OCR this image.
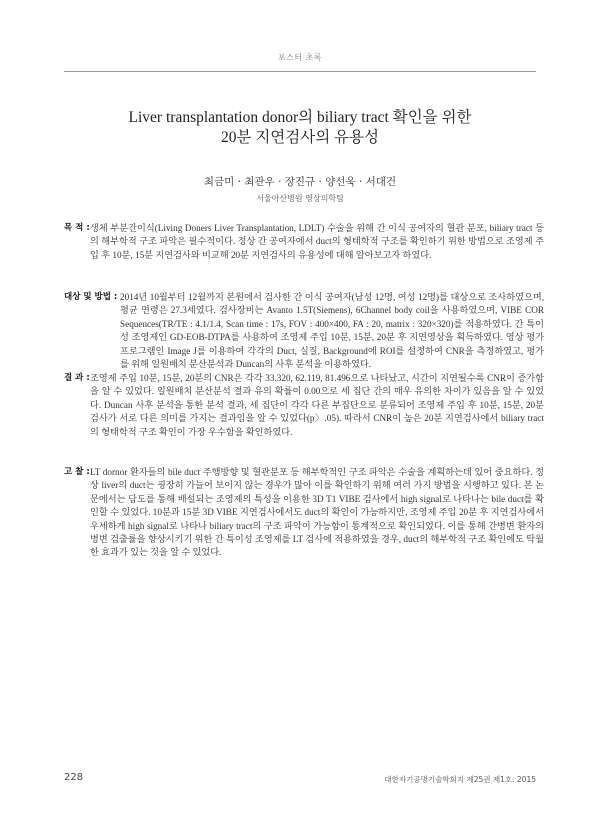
포스터 초록
Liver transplantation donor의 biliary tract 확인을 위한
20분 지연검사의 유용성
최금미 · 최관우 · 장진규 · 양선욱 · 서대건
서울아산병원 영상의학팀
목 적 : 생체 부분간이식(Living Doners Liver Transplantation, LDLT) 수술을 위해 간 이식 공여자의 혈관 분포, biliary tract 등의 해부학적 구조 파악은 필수적이다. 정상 간 공여자에서 duct의 형태학적 구조를 확인하기 위한 방법으로 조영제 주입 후 10분, 15분 지연검사와 비교해 20분 지연검사의 유용성에 대해 알아보고자 하였다.
대상 및 방법 : 2014년 10월부터 12월까지 본원에서 검사한 간 이식 공여자(남성 12명, 여성 12명)를 대상으로 조사하였으며, 평균 연령은 27.3세였다. 검사장비는 Avanto 1.5T(Siemens), 6Channel body coil을 사용하였으며, VIBE COR Sequences(TR/TE : 4.1/1.4, Scan time : 17s, FOV : 400×400, FA : 20, matrix : 320×320)를 적용하였다. 간 특이성 조영제인 GD-EOB-DTPA를 사용하여 조영제 주입 10분, 15분, 20분 후 지연영상을 획득하였다. 영상 평가프로그램인 Image J를 이용하여 각각의 Duct, 실질, Background에 ROI를 설정하여 CNR을 측정하였고, 평가를 위해 일원배치 분산분석과 Duncan의 사후 분석을 이용하였다.
결 과 : 조영제 주입 10분, 15분, 20분의 CNR은 각각 33.320, 62.119, 81.496으로 나타났고, 시간이 지연될수록 CNR이 증가함을 알 수 있었다. 일원배치 분산분석 결과 유의 확률이 0.00으로 세 집단 간의 매우 유의한 차이가 있음을 알 수 있었다. Duncan 사후 분석을 통한 분석 결과, 세 집단이 각각 다른 부집단으로 분류되어 조영제 주입 후 10분, 15분, 20분 검사가 서로 다른 의미를 가지는 결과임을 알 수 있었다(p〉.05). 따라서 CNR이 높은 20분 지연검사에서 biliary tract의 형태학적 구조 확인이 가장 우수함을 확인하였다.
고 찰 : LT dornor 환자들의 bile duct 주행방향 및 혈관분포 등 해부학적인 구조 파악은 수술을 계획하는데 있어 중요하다. 정상 liver의 duct는 굉장히 가늘어 보이지 않는 경우가 많아 이를 확인하기 위해 여러 가지 방법을 시행하고 있다. 본 논문에서는 담도를 통해 배설되는 조영제의 특성을 이용한 3D T1 VIBE 검사에서 high signal로 나타나는 bile duct를 확인할 수 있었다. 10분과 15분 3D VIBE 지연검사에서도 duct의 확인이 가능하지만, 조영제 주입 20분 후 지연검사에서 우세하게 high signal로 나타나 biliary tract의 구조 파악이 가능함이 통계적으로 확인되었다. 이를 통해 간병변 환자의 병변 검출률을 향상시키기 위한 간 특이성 조영제를 LT 검사에 적용하였을 경우, duct의 해부학적 구조 확인에도 탁월한 효과가 있는 것을 알 수 있었다.
228	대한자기공명기술학회지 제25권 제1호. 2015
